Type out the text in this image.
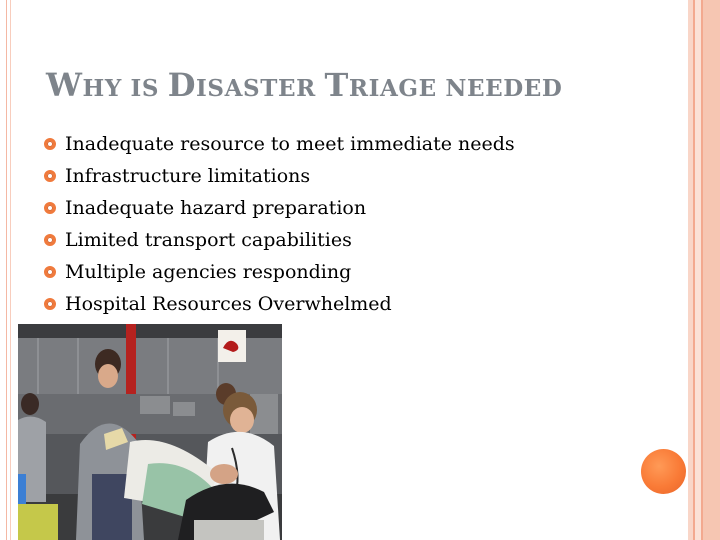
WHY IS DISASTER TRIAGE NEEDED
Inadequate resource to meet immediate needs
Infrastructure limitations
Inadequate hazard preparation
Limited transport capabilities
Multiple agencies responding
Hospital Resources Overwhelmed
